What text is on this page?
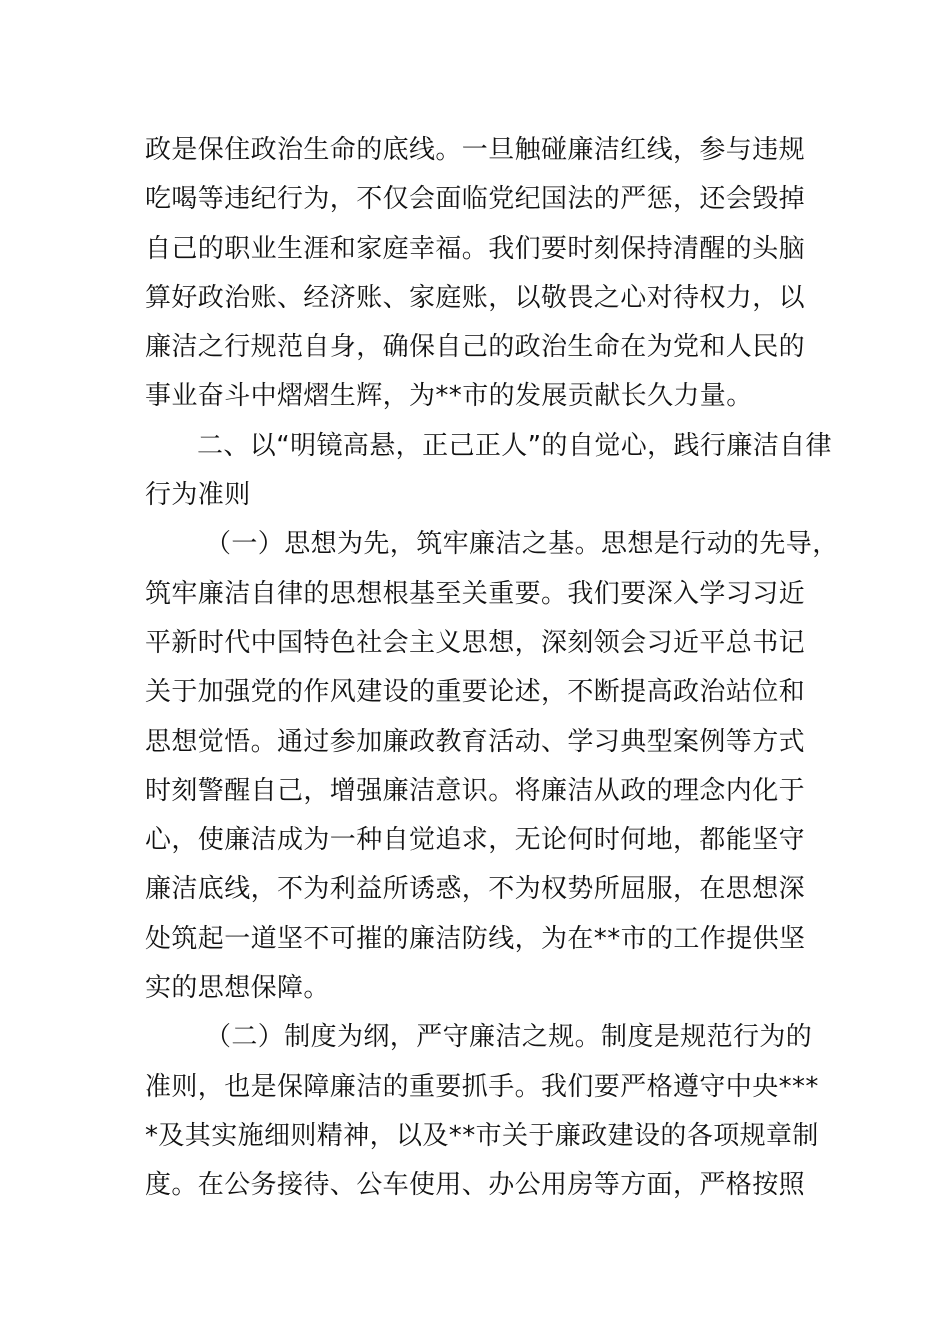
政是保住政治生命的底线。一旦触碰廉洁红线，参与违规
吃喝等违纪行为，不仅会面临党纪国法的严惩，还会毁掉
自己的职业生涯和家庭幸福。我们要时刻保持清醒的头脑
算好政治账、经济账、家庭账，以敬畏之心对待权力，以
廉洁之行规范自身，确保自己的政治生命在为党和人民的
事业奋斗中熠熠生辉，为**市的发展贡献长久力量。
二、以“明镜高悬，正己正人”的自觉心，践行廉洁自律
行为准则
（一）思想为先，筑牢廉洁之基。思想是行动的先导，
筑牢廉洁自律的思想根基至关重要。我们要深入学习习近
平新时代中国特色社会主义思想，深刻领会习近平总书记
关于加强党的作风建设的重要论述，不断提高政治站位和
思想觉悟。通过参加廉政教育活动、学习典型案例等方式
时刻警醒自己，增强廉洁意识。将廉洁从政的理念内化于
心，使廉洁成为一种自觉追求，无论何时何地，都能坚守
廉洁底线，不为利益所诱惑，不为权势所屈服，在思想深
处筑起一道坚不可摧的廉洁防线，为在**市的工作提供坚
实的思想保障。
（二）制度为纲，严守廉洁之规。制度是规范行为的
准则，也是保障廉洁的重要抓手。我们要严格遵守中央***
*及其实施细则精神，以及**市关于廉政建设的各项规章制
度。在公务接待、公车使用、办公用房等方面，严格按照
